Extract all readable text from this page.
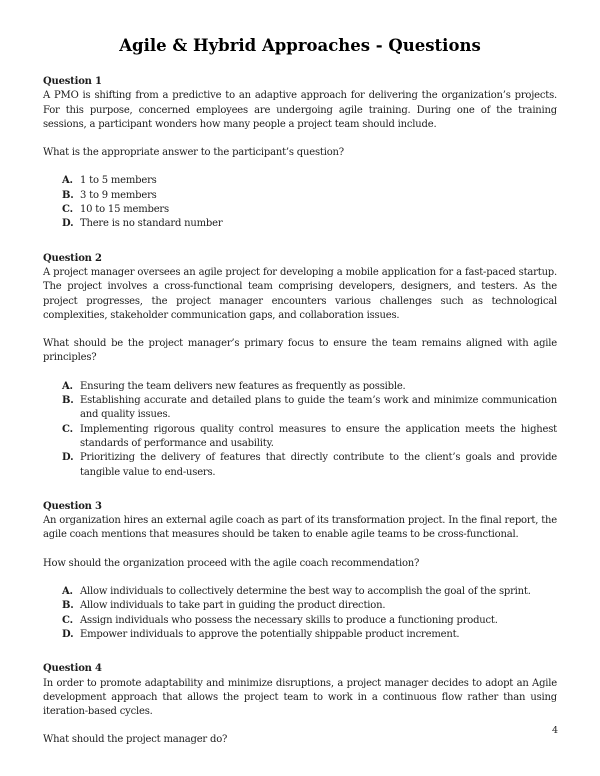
Agile & Hybrid Approaches - Questions
Question 1

A PMO is shifting from a predictive to an adaptive approach for delivering the organization’s projects. For this purpose, concerned employees are undergoing agile training. During one of the training sessions, a participant wonders how many people a project team should include.

What is the appropriate answer to the participant’s question?

A. 1 to 5 members
B. 3 to 9 members
C. 10 to 15 members
D. There is no standard number
Question 2

A project manager oversees an agile project for developing a mobile application for a fast-paced startup. The project involves a cross-functional team comprising developers, designers, and testers. As the project progresses, the project manager encounters various challenges such as technological complexities, stakeholder communication gaps, and collaboration issues.

What should be the project manager’s primary focus to ensure the team remains aligned with agile principles?

A. Ensuring the team delivers new features as frequently as possible.
B. Establishing accurate and detailed plans to guide the team’s work and minimize communication and quality issues.
C. Implementing rigorous quality control measures to ensure the application meets the highest standards of performance and usability.
D. Prioritizing the delivery of features that directly contribute to the client’s goals and provide tangible value to end-users.
Question 3

An organization hires an external agile coach as part of its transformation project. In the final report, the agile coach mentions that measures should be taken to enable agile teams to be cross-functional.

How should the organization proceed with the agile coach recommendation?

A. Allow individuals to collectively determine the best way to accomplish the goal of the sprint.
B. Allow individuals to take part in guiding the product direction.
C. Assign individuals who possess the necessary skills to produce a functioning product.
D. Empower individuals to approve the potentially shippable product increment.
Question 4

In order to promote adaptability and minimize disruptions, a project manager decides to adopt an Agile development approach that allows the project team to work in a continuous flow rather than using iteration-based cycles.

What should the project manager do?

4
